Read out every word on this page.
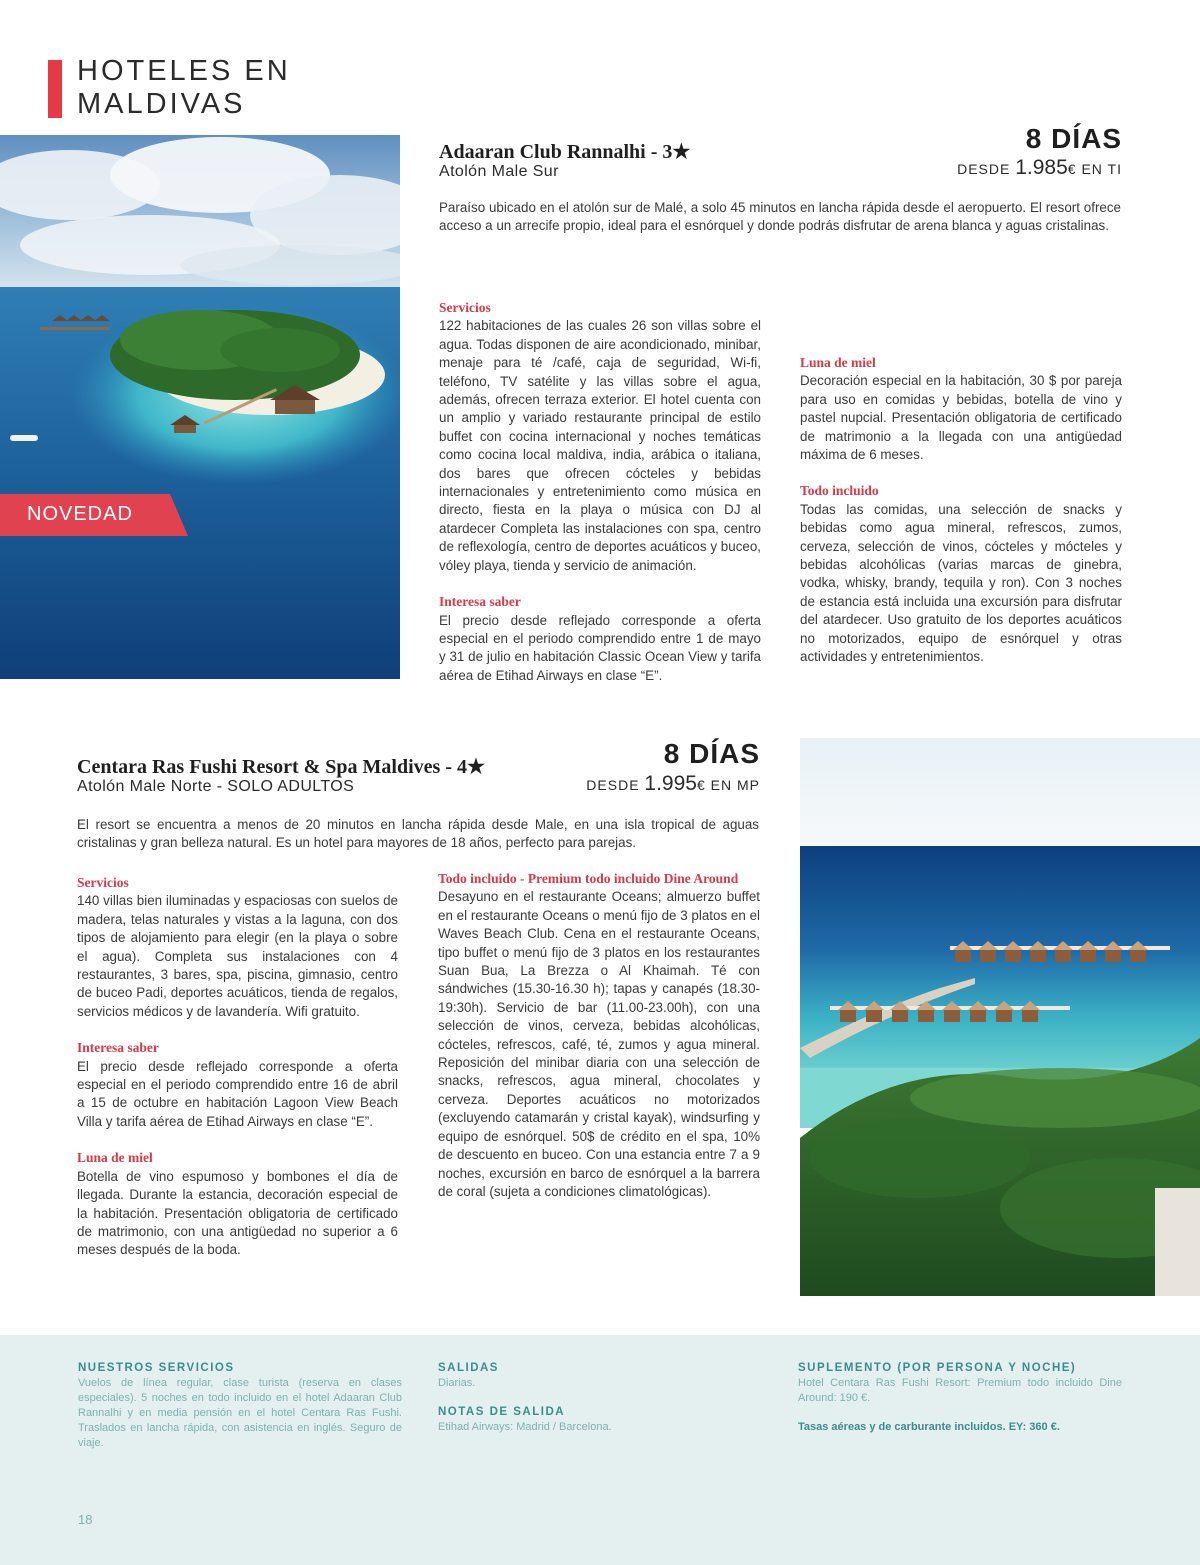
HOTELES EN
MALDIVAS
NOVEDAD
Adaaran Club Rannalhi - 3★
Atolón Male Sur
8 DÍAS
DESDE 1.985€ EN TI
Paraíso ubicado en el atolón sur de Malé, a solo 45 minutos en lancha rápida desde el aeropuerto. El resort ofrece acceso a un arrecife propio, ideal para el esnórquel y donde podrás disfrutar de arena blanca y aguas cristalinas.
Servicios

122 habitaciones de las cuales 26 son villas sobre el agua. Todas disponen de aire acondicionado, minibar, menaje para té /café, caja de seguridad, Wi-fi, teléfono, TV satélite y las villas sobre el agua, además, ofrecen terraza exterior. El hotel cuenta con un amplio y variado restaurante principal de estilo buffet con cocina internacional y noches temáticas como cocina local maldiva, india, arábica o italiana, dos bares que ofrecen cócteles y bebidas internacionales y entretenimiento como música en directo, fiesta en la playa o música con DJ al atardecer Completa las instalaciones con spa, centro de reflexología, centro de deportes acuáticos y buceo, vóley playa, tienda y servicio de animación.

Interesa saber

El precio desde reflejado corresponde a oferta especial en el periodo comprendido entre 1 de mayo y 31 de julio en habitación Classic Ocean View y tarifa aérea de Etihad Airways en clase “E”.

Luna de miel

Decoración especial en la habitación, 30 $ por pareja para uso en comidas y bebidas, botella de vino y pastel nupcial. Presentación obligatoria de certificado de matrimonio a la llegada con una antigüedad máxima de 6 meses.

Todo incluido

Todas las comidas, una selección de snacks y bebidas como agua mineral, refrescos, zumos, cerveza, selección de vinos, cócteles y mócteles y bebidas alcohólicas (varias marcas de ginebra, vodka, whisky, brandy, tequila y ron). Con 3 noches de estancia está incluida una excursión para disfrutar del atardecer. Uso gratuito de los deportes acuáticos no motorizados, equipo de esnórquel y otras actividades y entretenimientos.

Centara Ras Fushi Resort & Spa Maldives - 4★
Atolón Male Norte - SOLO ADULTOS
8 DÍAS
DESDE 1.995€ EN MP
El resort se encuentra a menos de 20 minutos en lancha rápida desde Male, en una isla tropical de aguas cristalinas y gran belleza natural. Es un hotel para mayores de 18 años, perfecto para parejas.
Servicios

140 villas bien iluminadas y espaciosas con suelos de madera, telas naturales y vistas a la laguna, con dos tipos de alojamiento para elegir (en la playa o sobre el agua). Completa sus instalaciones con 4 restaurantes, 3 bares, spa, piscina, gimnasio, centro de buceo Padi, deportes acuáticos, tienda de regalos, servicios médicos y de lavandería. Wifi gratuito.

Interesa saber

El precio desde reflejado corresponde a oferta especial en el periodo comprendido entre 16 de abril a 15 de octubre en habitación Lagoon View Beach Villa y tarifa aérea de Etihad Airways en clase “E”.

Luna de miel

Botella de vino espumoso y bombones el día de llegada. Durante la estancia, decoración especial de la habitación. Presentación obligatoria de certificado de matrimonio, con una antigüedad no superior a 6 meses después de la boda.

Todo incluido - Premium todo incluido Dine Around

Desayuno en el restaurante Oceans; almuerzo buffet en el restaurante Oceans o menú fijo de 3 platos en el Waves Beach Club. Cena en el restaurante Oceans, tipo buffet o menú fijo de 3 platos en los restaurantes Suan Bua, La Brezza o Al Khaimah. Té con sándwiches (15.30-16.30 h); tapas y canapés (18.30-19:30h). Servicio de bar (11.00-23.00h), con una selección de vinos, cerveza, bebidas alcohólicas, cócteles, refrescos, café, té, zumos y agua mineral. Reposición del minibar diaria con una selección de snacks, refrescos, agua mineral, chocolates y cerveza. Deportes acuáticos no motorizados (excluyendo catamarán y cristal kayak), windsurfing y equipo de esnórquel. 50$ de crédito en el spa, 10% de descuento en buceo. Con una estancia entre 7 a 9 noches, excursión en barco de esnórquel a la barrera de coral (sujeta a condiciones climatológicas).

NUESTROS SERVICIOS

Vuelos de línea regular, clase turista (reserva en clases especiales). 5 noches en todo incluido en el hotel Adaaran Club Rannalhi y en media pensión en el hotel Centara Ras Fushi. Traslados en lancha rápida, con asistencia en inglés. Seguro de viaje.

SALIDAS

Diarias.

NOTAS DE SALIDA

Etihad Airways: Madrid / Barcelona.

SUPLEMENTO (POR PERSONA Y NOCHE)

Hotel Centara Ras Fushi Resort: Premium todo incluido Dine Around: 190 €.

Tasas aéreas y de carburante incluidos. EY: 360 €.

18
